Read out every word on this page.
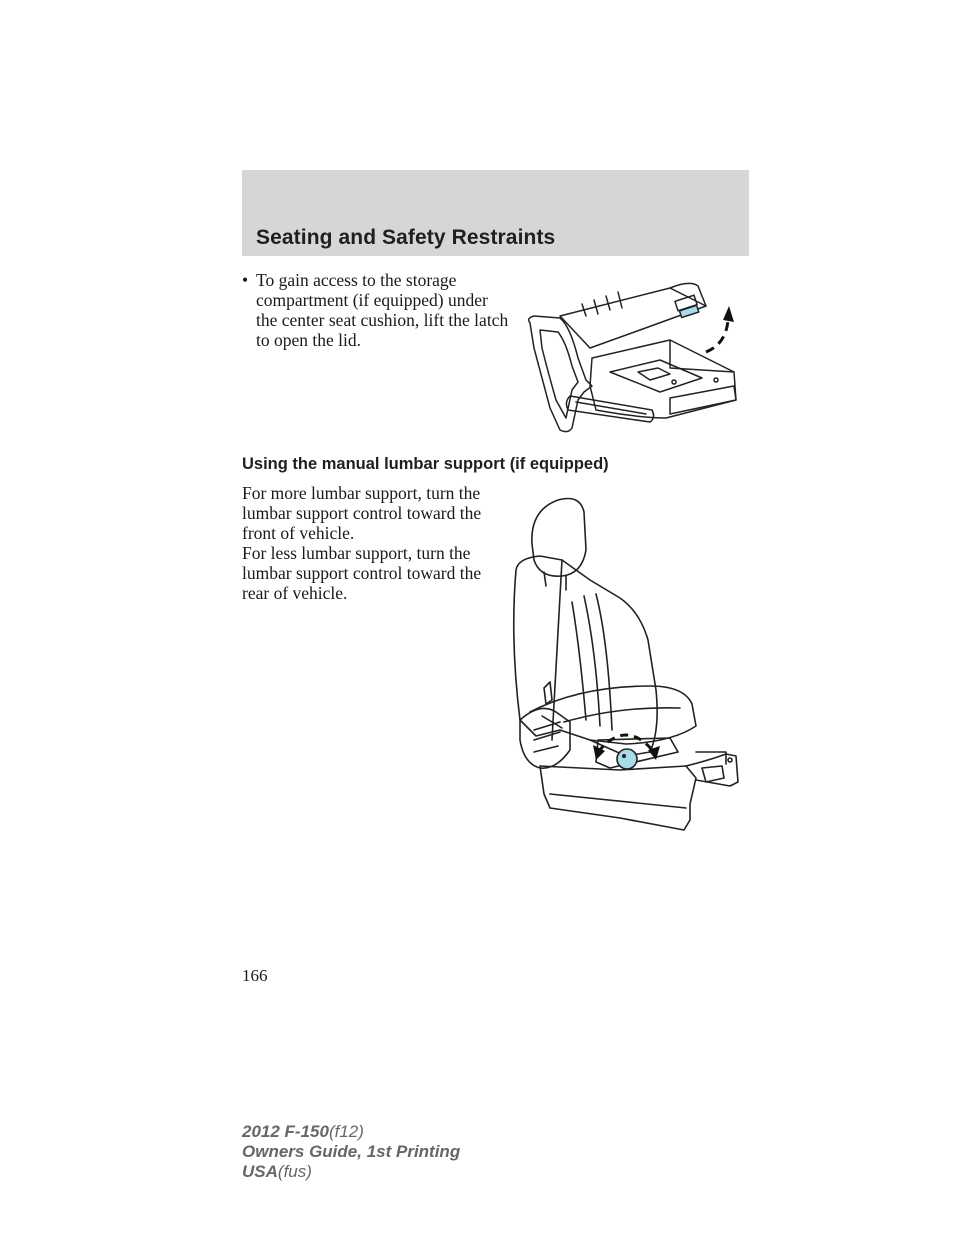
Seating and Safety Restraints
• To gain access to the storage compartment (if equipped) under the center seat cushion, lift the latch to open the lid.

Using the manual lumbar support (if equipped)

For more lumbar support, turn the lumbar support control toward the front of vehicle.

For less lumbar support, turn the lumbar support control toward the rear of vehicle.

166

2012 F-150(f12)
Owners Guide, 1st Printing
USA(fus)
